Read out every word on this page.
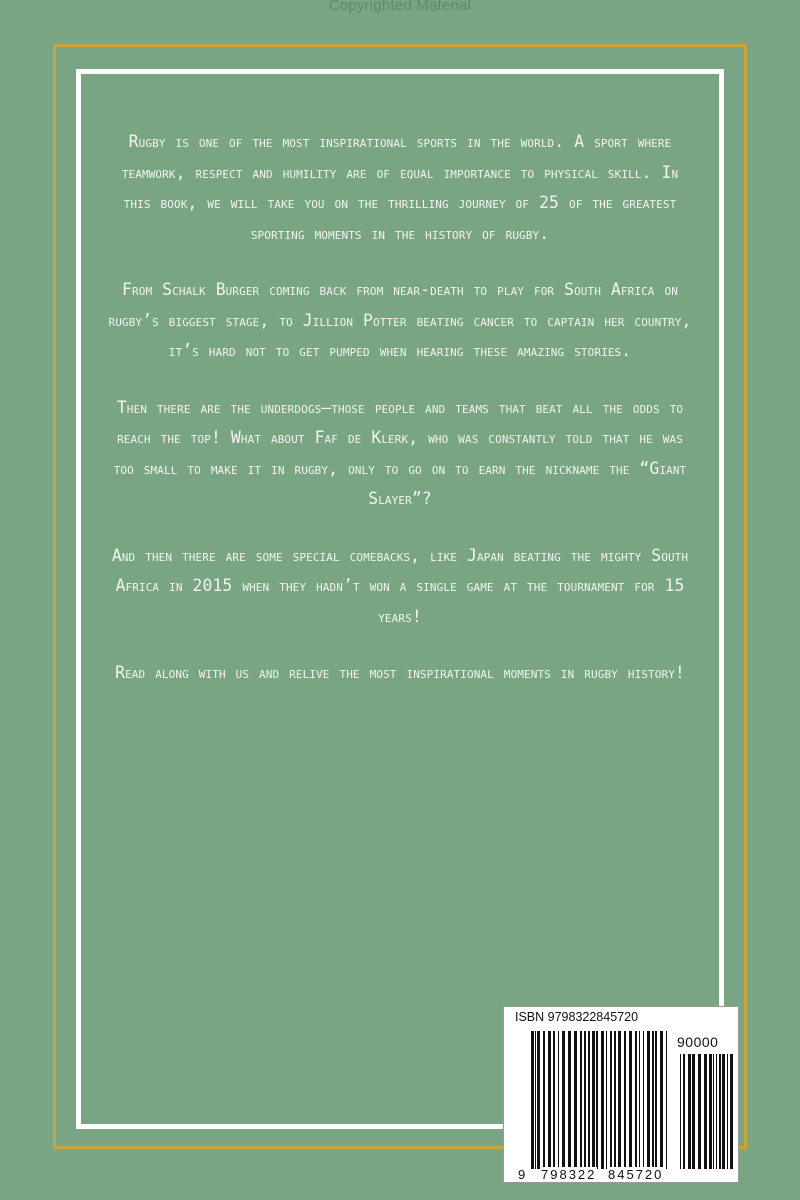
Copyrighted Material

Rugby is one of the most inspirational sports in the world. A sport where teamwork, respect and humility are of equal importance to physical skill. In this book, we will take you on the thrilling journey of 25 of the greatest sporting moments in the history of rugby.

From Schalk Burger coming back from near-death to play for South Africa on rugby’s biggest stage, to Jillion Potter beating cancer to captain her country, it’s hard not to get pumped when hearing these amazing stories.

Then there are the underdogs—those people and teams that beat all the odds to reach the top! What about Faf de Klerk, who was constantly told that he was too small to make it in rugby, only to go on to earn the nickname the “Giant Slayer”?

And then there are some special comebacks, like Japan beating the mighty South Africa in 2015 when they hadn’t won a single game at the tournament for 15 years!

Read along with us and relive the most inspirational moments in rugby history!

ISBN 9798322845720
90000
9 798322 845720
